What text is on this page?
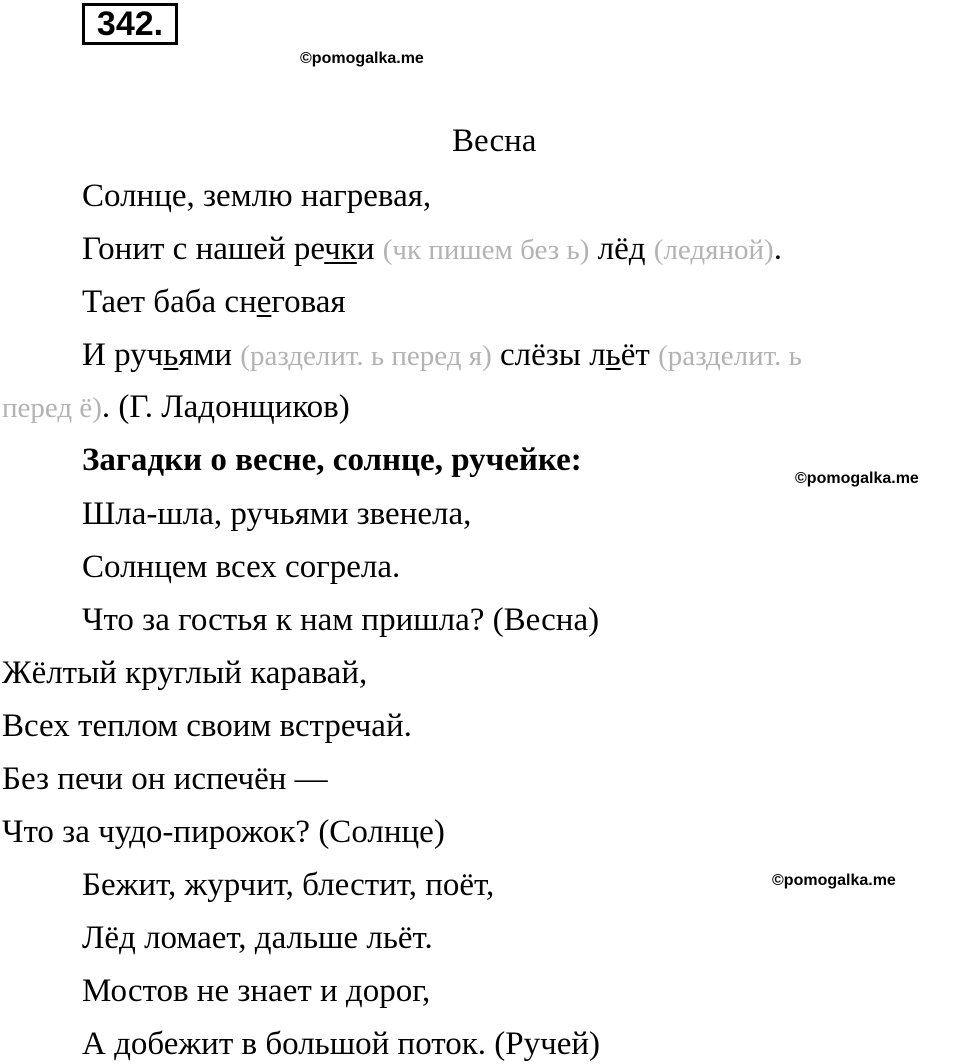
342.
©pomogalka.me
Весна
Солнце, землю нагревая,
Гонит с нашей речки (чк пишем без ь) лёд (ледяной).
Тает баба снеговая
И ручьями (разделит. ь перед я) слёзы льёт (разделит. ь
перед ё). (Г. Ладонщиков)
Загадки о весне, солнце, ручейке:
©pomogalka.me
Шла-шла, ручьями звенела,
Солнцем всех согрела.
Что за гостья к нам пришла? (Весна)
Жёлтый круглый каравай,
Всех теплом своим встречай.
Без печи он испечён —
Что за чудо-пирожок? (Солнце)
Бежит, журчит, блестит, поёт,	©pomogalka.me
Лёд ломает, дальше льёт.
Мостов не знает и дорог,
А добежит в большой поток. (Ручей)
